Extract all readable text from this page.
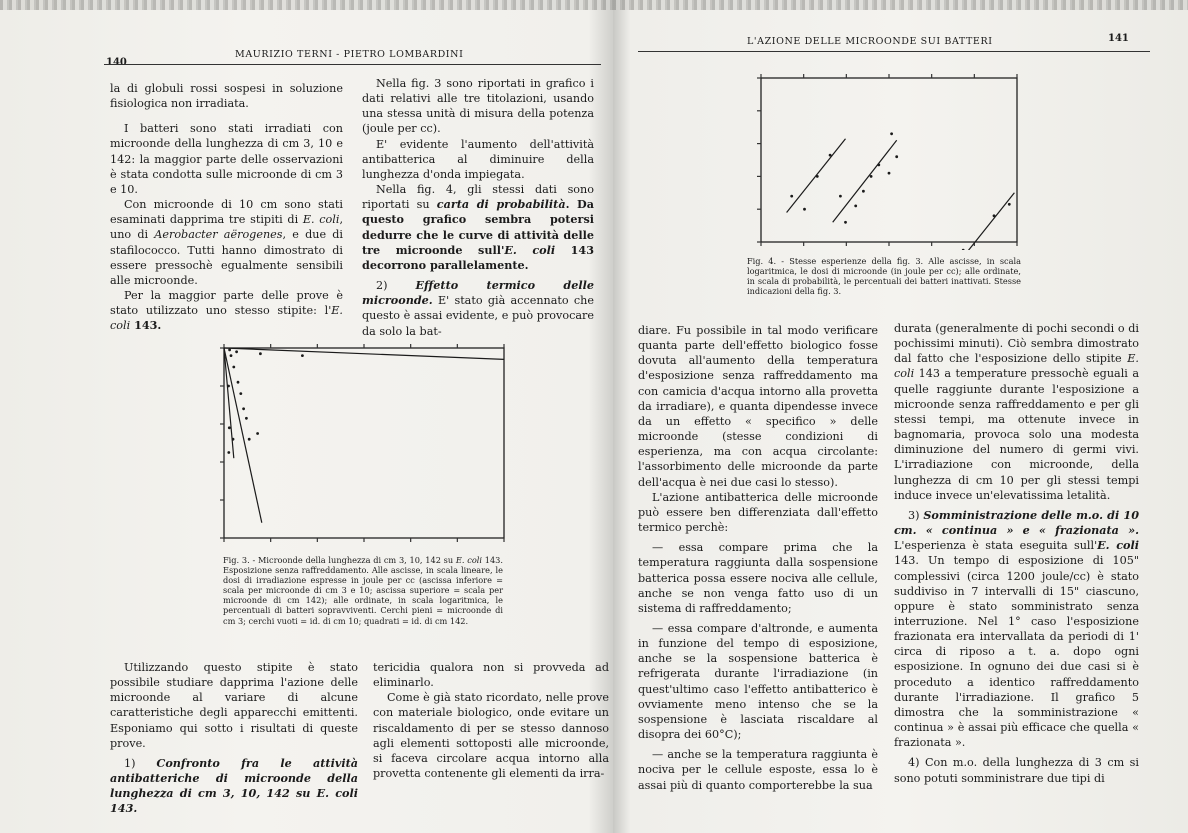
140
MAURIZIO TERNI - PIETRO LOMBARDINI

la di globuli rossi sospesi in soluzione fisiologica non irradiata.

I batteri sono stati irradiati con microonde della lunghezza di cm 3, 10 e 142: la maggior parte delle osservazioni è stata condotta sulle microonde di cm 3 e 10.

Con microonde di 10 cm sono stati esaminati dapprima tre stipiti di E. coli, uno di Aerobacter aërogenes, e due di stafilococco. Tutti hanno dimostrato di essere pressochè egualmente sensibili alle microonde.

Per la maggior parte delle prove è stato utilizzato uno stesso stipite: l'E. coli 143.

Nella fig. 3 sono riportati in grafico i dati relativi alle tre titolazioni, usando una stessa unità di misura della potenza (joule per cc).

E' evidente l'aumento dell'attività antibatterica al diminuire della lunghezza d'onda impiegata.

Nella fig. 4, gli stessi dati sono riportati su carta di probabilità. Da questo grafico sembra potersi dedurre che le curve di attività delle tre microonde sull'E. coli 143 decorrono parallelamente.

2) Effetto termico delle microonde. E' stato già accennato che questo è assai evidente, e può provocare da solo la bat-

Fig. 3. - Microonde della lunghezza di cm 3, 10, 142 su E. coli 143. Esposizione senza raffreddamento. Alle ascisse, in scala lineare, le dosi di irradiazione espresse in joule per cc (ascissa inferiore = scala per microonde di cm 3 e 10; ascissa superiore = scala per microonde di cm 142); alle ordinate, in scala logaritmica, le percentuali di batteri sopravviventi. Cerchi pieni = microonde di cm 3; cerchi vuoti = id. di cm 10; quadrati = id. di cm 142.

Utilizzando questo stipite è stato possibile studiare dapprima l'azione delle microonde al variare di alcune caratteristiche degli apparecchi emittenti. Esponiamo qui sotto i risultati di queste prove.

1) Confronto fra le attività antibatteriche di microonde della lunghezza di cm 3, 10, 142 su E. coli 143.

tericidia qualora non si provveda ad eliminarlo.

Come è già stato ricordato, nelle prove con materiale biologico, onde evitare un riscaldamento di per se stesso dannoso agli elementi sottoposti alle microonde, si faceva circolare acqua intorno alla provetta contenente gli elementi da irra-

L'AZIONE DELLE MICROONDE SUI BATTERI	141
Fig. 4. - Stesse esperienze della fig. 3. Alle ascisse, in scala logaritmica, le dosi di microonde (in joule per cc); alle ordinate, in scala di probabilità, le percentuali dei batteri inattivati. Stesse indicazioni della fig. 3.

diare. Fu possibile in tal modo verificare quanta parte dell'effetto biologico fosse dovuta all'aumento della temperatura d'esposizione senza raffreddamento ma con camicia d'acqua intorno alla provetta da irradiare), e quanta dipendesse invece da un effetto « specifico » delle microonde (stesse condizioni di esperienza, ma con acqua circolante: l'assorbimento delle microonde da parte dell'acqua è nei due casi lo stesso).

L'azione antibatterica delle microonde può essere ben differenziata dall'effetto termico perchè:

— essa compare prima che la temperatura raggiunta dalla sospensione batterica possa essere nociva alle cellule, anche se non venga fatto uso di un sistema di raffreddamento;

— essa compare d'altronde, e aumenta in funzione del tempo di esposizione, anche se la sospensione batterica è refrigerata durante l'irradiazione (in quest'ultimo caso l'effetto antibatterico è ovviamente meno intenso che se la sospensione è lasciata riscaldare al disopra dei 60°C);

— anche se la temperatura raggiunta è nociva per le cellule esposte, essa lo è assai più di quanto comporterebbe la sua

durata (generalmente di pochi secondi o di pochissimi minuti). Ciò sembra dimostrato dal fatto che l'esposizione dello stipite E. coli 143 a temperature pressochè eguali a quelle raggiunte durante l'esposizione a microonde senza raffreddamento e per gli stessi tempi, ma ottenute invece in bagnomaria, provoca solo una modesta diminuzione del numero di germi vivi. L'irradiazione con microonde, della lunghezza di cm 10 per gli stessi tempi induce invece un'elevatissima letalità.

3) Somministrazione delle m.o. di 10 cm. « continua » e « frazionata ». L'esperienza è stata eseguita sull'E. coli 143. Un tempo di esposizione di 105" complessivi (circa 1200 joule/cc) è stato suddiviso in 7 intervalli di 15" ciascuno, oppure è stato somministrato senza interruzione. Nel 1° caso l'esposizione frazionata era intervallata da periodi di 1' circa di riposo a t. a. dopo ogni esposizione. In ognuno dei due casi si è proceduto a identico raffreddamento durante l'irradiazione. Il grafico 5 dimostra che la somministrazione « continua » è assai più efficace che quella « frazionata ».

4) Con m.o. della lunghezza di 3 cm si sono potuti somministrare due tipi di
